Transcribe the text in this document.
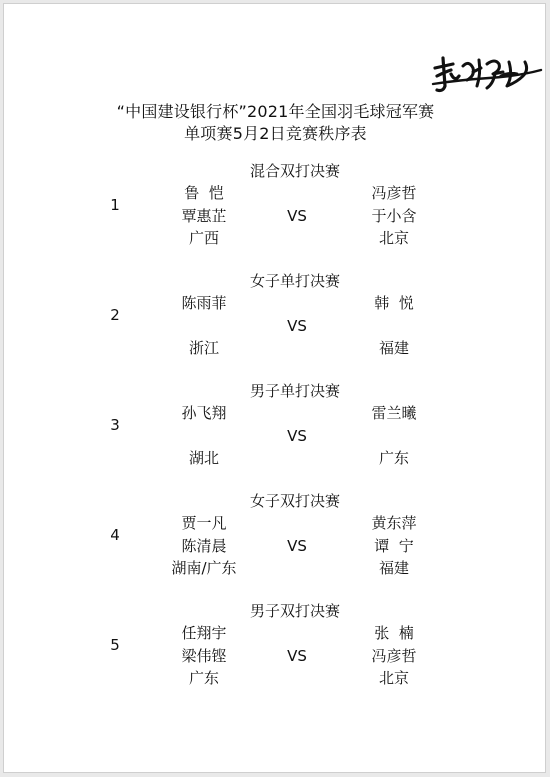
“中国建设银行杯”2021年全国羽毛球冠军赛
单项赛5月2日竞赛秩序表
混合双打决赛
1
鲁  恺
覃惠芷
广西
VS
冯彦哲
于小含
北京
女子单打决赛
2
陈雨菲
浙江
VS
韩  悦
福建
男子单打决赛
3
孙飞翔
湖北
VS
雷兰曦
广东
女子双打决赛
4
贾一凡
陈清晨
湖南/广东
VS
黄东萍
谭  宁
福建
男子双打决赛
5
任翔宇
梁伟铿
广东
VS
张  楠
冯彦哲
北京
